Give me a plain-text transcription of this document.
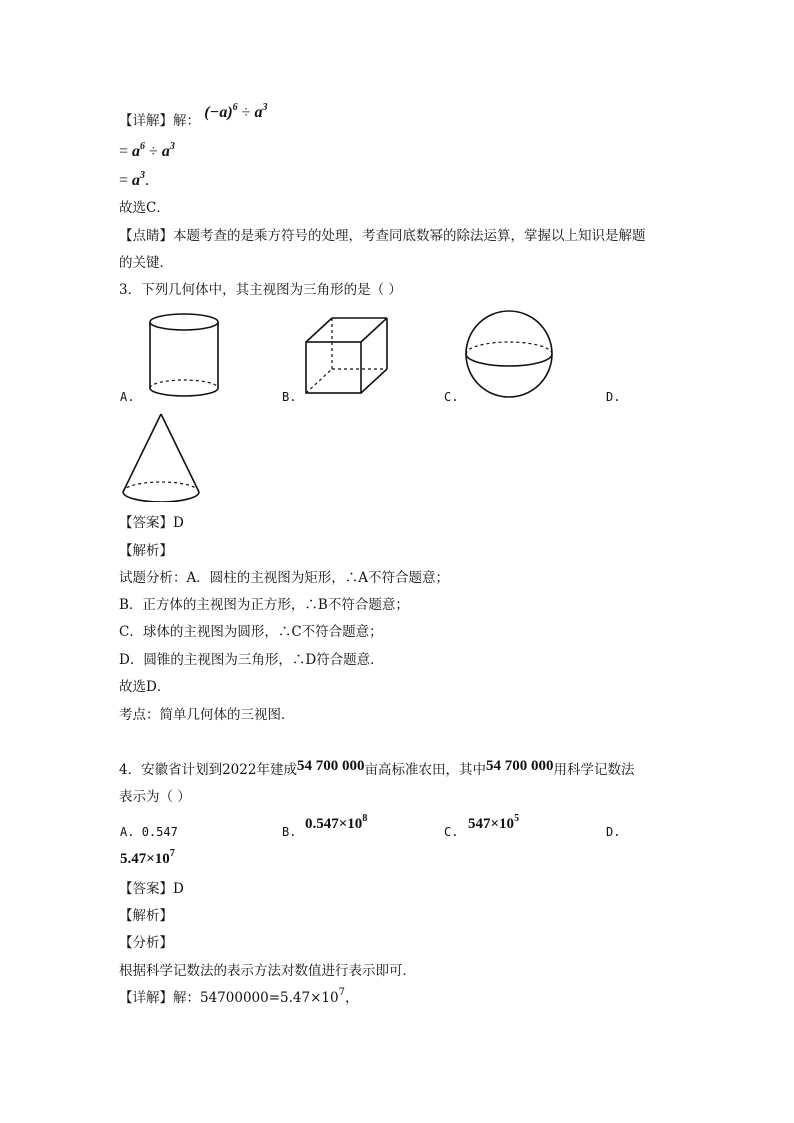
【详解】解： $(-a)^6 \div a^3$
= $a^6 \div a^3$
= $a^3$.
故选C．
【点睛】本题考查的是乘方符号的处理，考查同底数幂的除法运算，掌握以上知识是解题
的关键．
3．下列几何体中，其主视图为三角形的是（ ）
A.	B.	C.	D.
【答案】D
【解析】
试题分析：A．圆柱的主视图为矩形，∴A不符合题意；
B．正方体的主视图为正方形，∴B不符合题意；
C．球体的主视图为圆形，∴C不符合题意；
D．圆锥的主视图为三角形，∴D符合题意．
故选D．
考点：简单几何体的三视图．
4．安徽省计划到2022年建成54 700 000亩高标准农田，其中54 700 000用科学记数法
表示为（ ）
A. 0.547	B. $0.547\times 10^8$
C. $547\times 10^5$
D.
$5.47\times 10^7$
【答案】D
【解析】
【分析】
根据科学记数法的表示方法对数值进行表示即可．
【详解】解：$54700000=5.47\times 10^7$，
